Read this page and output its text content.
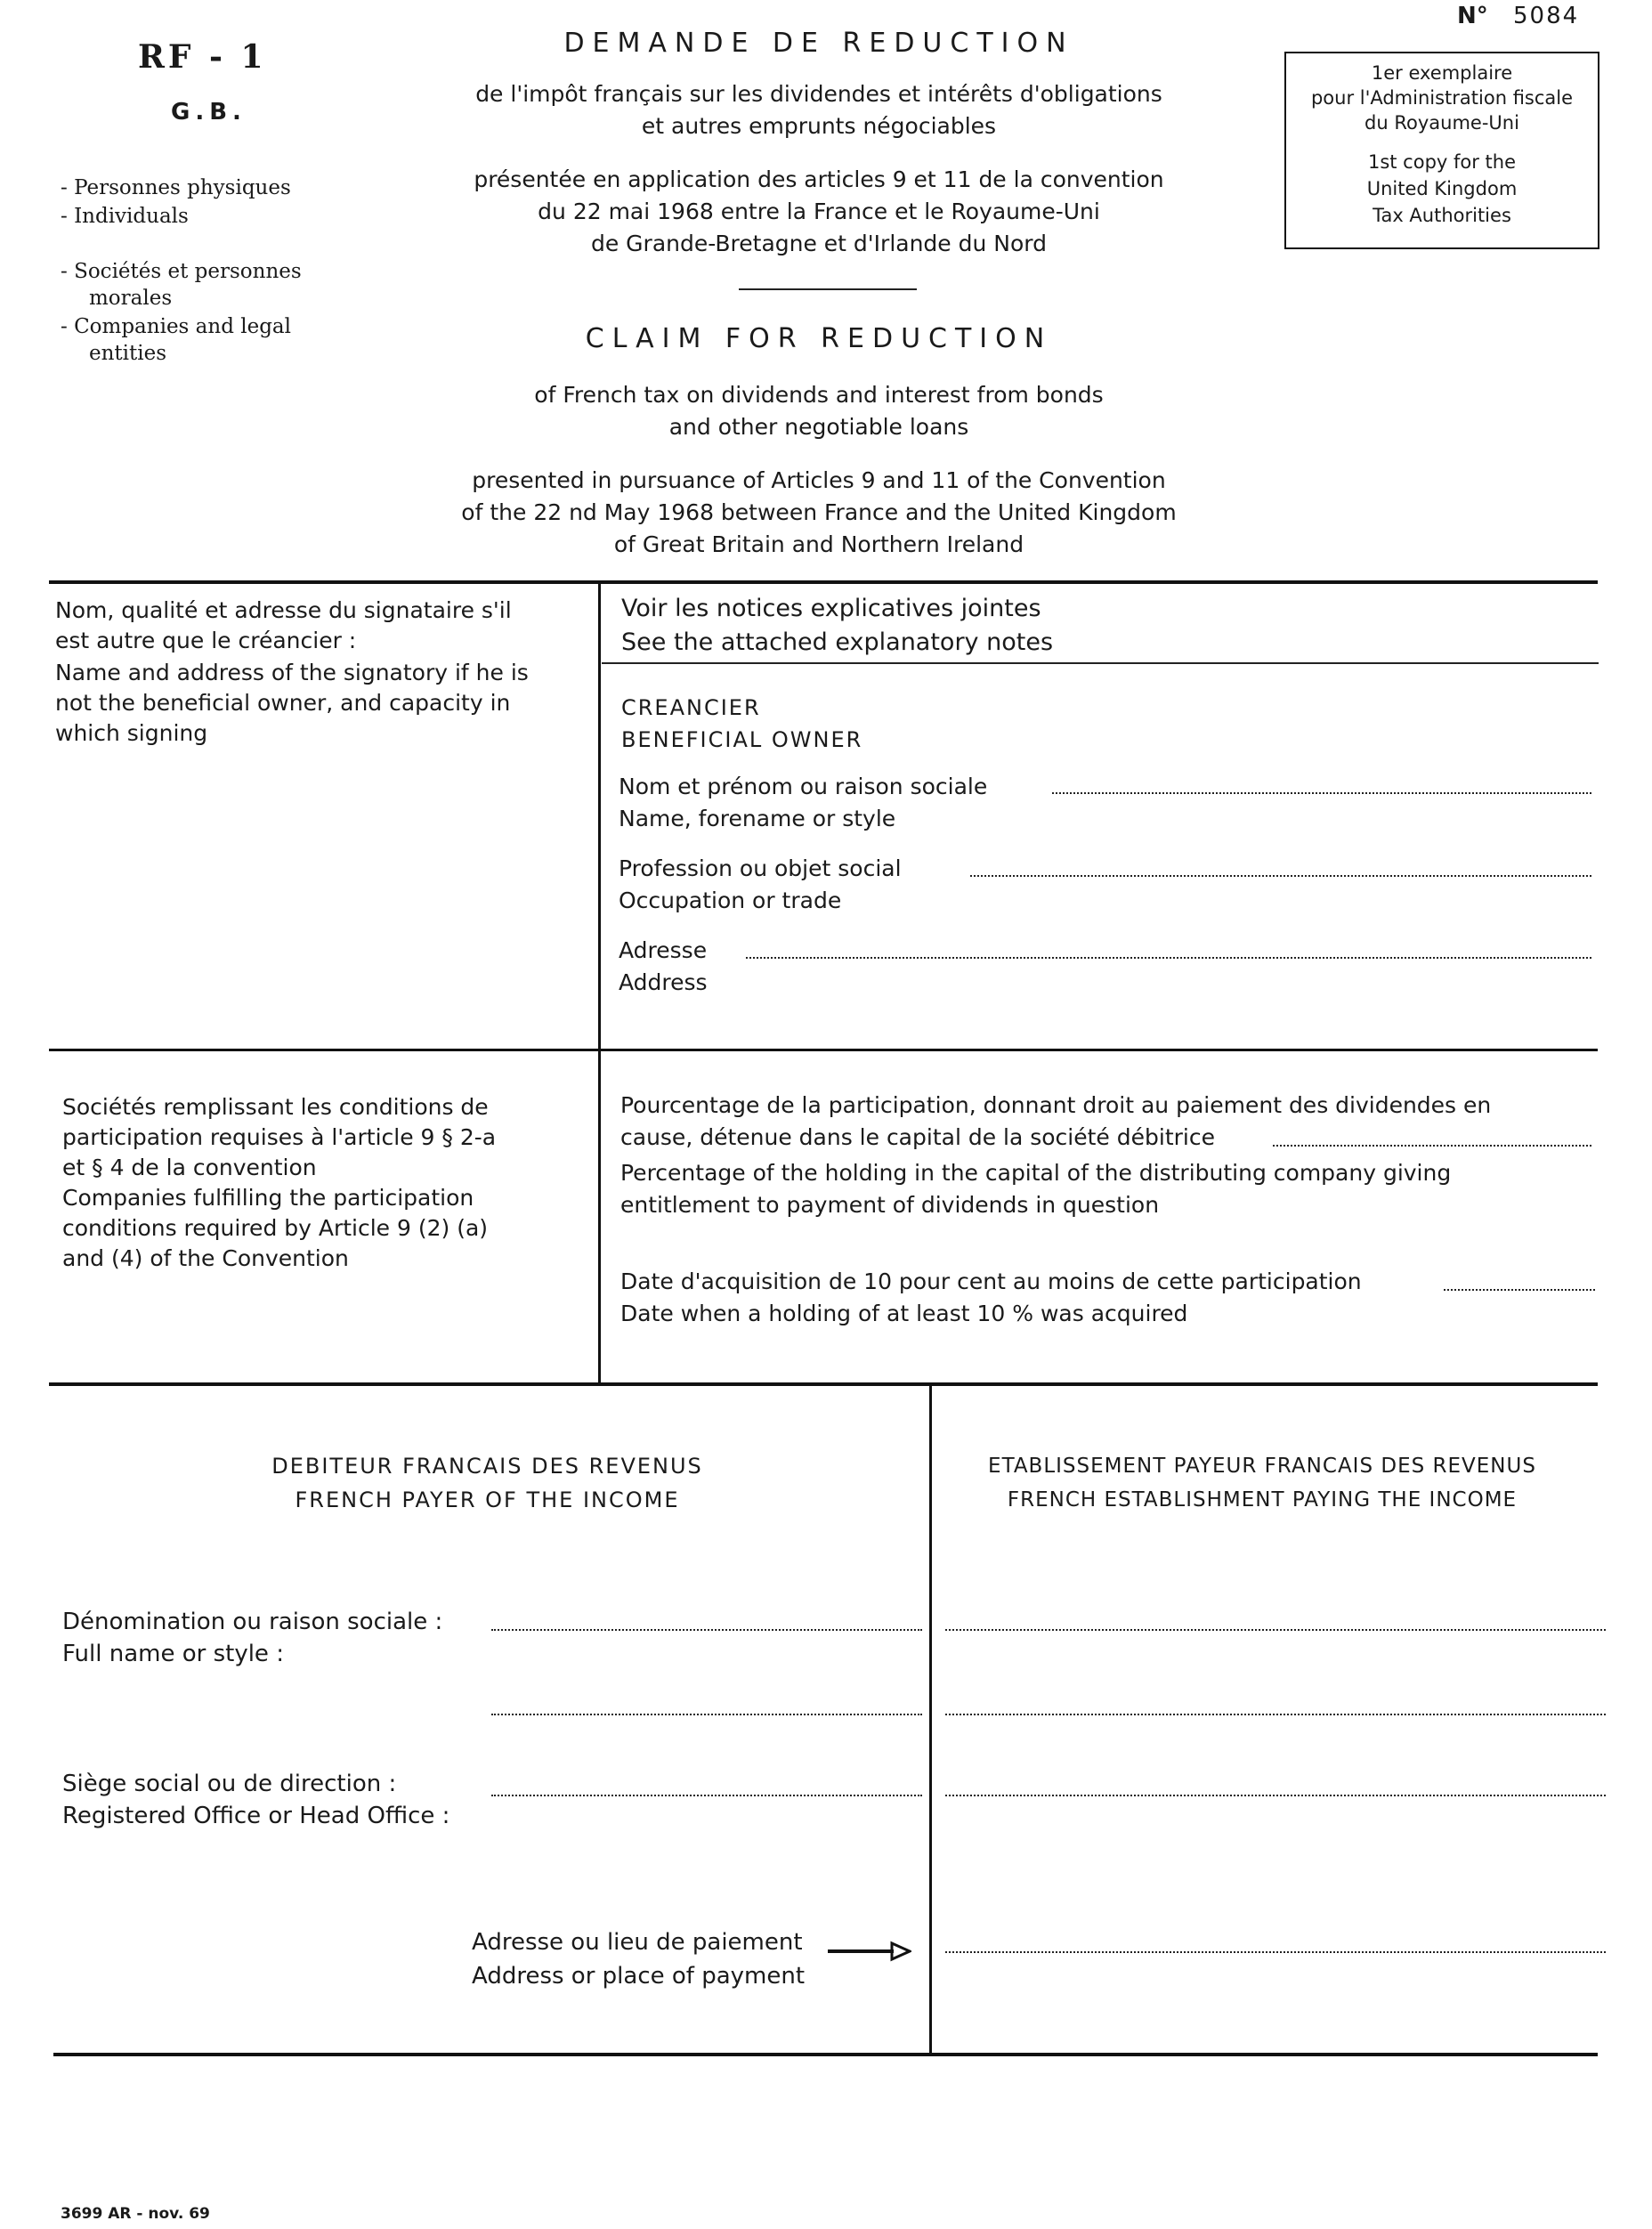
RF - 1
G.B.
- Personnes physiques
- Individuals
- Sociétés et personnes
morales
- Companies and legal
entities
N° 5084
1er exemplaire
pour l'Administration fiscale
du Royaume-Uni
1st copy for the
United Kingdom
Tax Authorities
DEMANDE DE REDUCTION
de l'impôt français sur les dividendes et intérêts d'obligations
et autres emprunts négociables
présentée en application des articles 9 et 11 de la convention
du 22 mai 1968 entre la France et le Royaume-Uni
de Grande-Bretagne et d'Irlande du Nord
CLAIM FOR REDUCTION
of French tax on dividends and interest from bonds
and other negotiable loans
presented in pursuance of Articles 9 and 11 of the Convention
of the 22 nd May 1968 between France and the United Kingdom
of Great Britain and Northern Ireland
Nom, qualité et adresse du signataire s'il
est autre que le créancier :
Name and address of the signatory if he is
not the beneficial owner, and capacity in
which signing
Voir les notices explicatives jointes
See the attached explanatory notes
CREANCIER
BENEFICIAL OWNER
Nom et prénom ou raison sociale
Name, forename or style
Profession ou objet social
Occupation or trade
Adresse
Address
Sociétés remplissant les conditions de
participation requises à l'article 9 § 2-a
et § 4 de la convention
Companies fulfilling the participation
conditions required by Article 9 (2) (a)
and (4) of the Convention
Pourcentage de la participation, donnant droit au paiement des dividendes en
cause, détenue dans le capital de la société débitrice
Percentage of the holding in the capital of the distributing company giving
entitlement to payment of dividends in question
Date d'acquisition de 10 pour cent au moins de cette participation
Date when a holding of at least 10 % was acquired
DEBITEUR FRANCAIS DES REVENUS
FRENCH PAYER OF THE INCOME
ETABLISSEMENT PAYEUR FRANCAIS DES REVENUS
FRENCH ESTABLISHMENT PAYING THE INCOME
Dénomination ou raison sociale :
Full name or style :
Siège social ou de direction :
Registered Office or Head Office :
Adresse ou lieu de paiement
Address or place of payment
3699 AR - nov. 69
